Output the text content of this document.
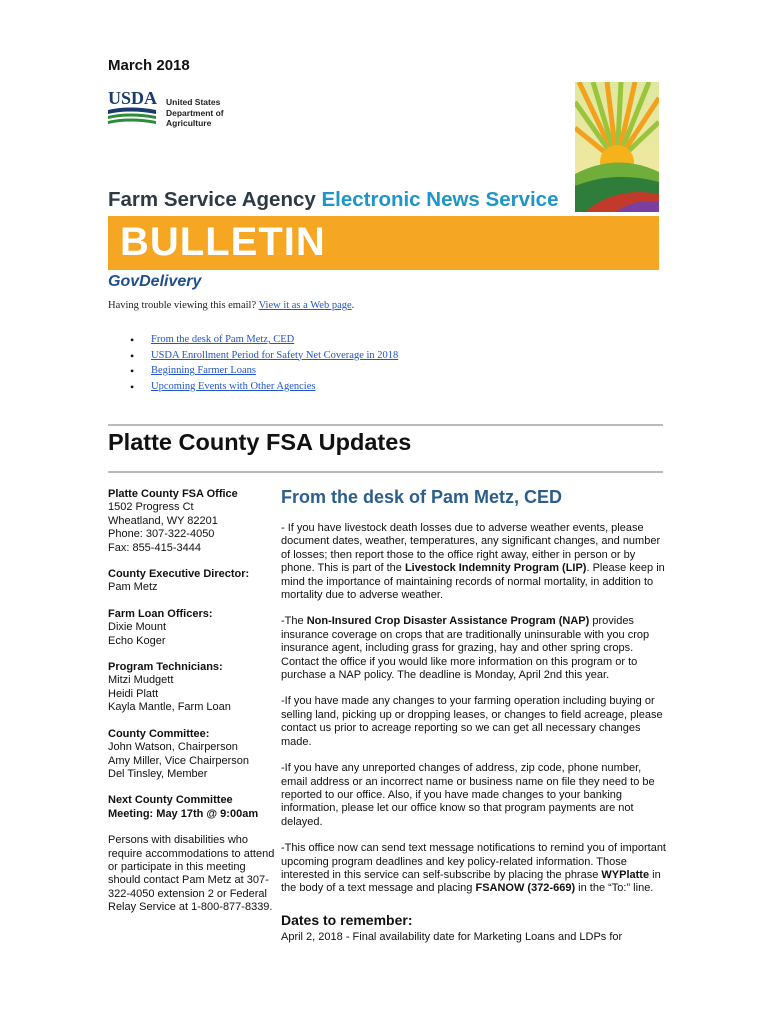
March 2018
USDA United States
Department of
Agriculture
Farm Service Agency Electronic News Service
BULLETIN
GovDelivery
Having trouble viewing this email? View it as a Web page.
• From the desk of Pam Metz, CED
• USDA Enrollment Period for Safety Net Coverage in 2018
• Beginning Farmer Loans
• Upcoming Events with Other Agencies
Platte County FSA Updates
Platte County FSA Office
1502 Progress Ct
Wheatland, WY 82201
Phone: 307-322-4050
Fax: 855-415-3444
County Executive Director:
Pam Metz
Farm Loan Officers:
Dixie Mount
Echo Koger
Program Technicians:
Mitzi Mudgett
Heidi Platt
Kayla Mantle, Farm Loan
County Committee:
John Watson, Chairperson
Amy Miller, Vice Chairperson
Del Tinsley, Member
Next County Committee Meeting: May 17th @ 9:00am
Persons with disabilities who require accommodations to attend or participate in this meeting should contact Pam Metz at 307-322-4050 extension 2 or Federal Relay Service at 1-800-877-8339.
From the desk of Pam Metz, CED

- If you have livestock death losses due to adverse weather events, please document dates, weather, temperatures, any significant changes, and number of losses; then report those to the office right away, either in person or by phone. This is part of the Livestock Indemnity Program (LIP). Please keep in mind the importance of maintaining records of normal mortality, in addition to mortality due to adverse weather.

-The Non-Insured Crop Disaster Assistance Program (NAP) provides insurance coverage on crops that are traditionally uninsurable with you crop insurance agent, including grass for grazing, hay and other spring crops. Contact the office if you would like more information on this program or to purchase a NAP policy. The deadline is Monday, April 2nd this year.

-If you have made any changes to your farming operation including buying or selling land, picking up or dropping leases, or changes to field acreage, please contact us prior to acreage reporting so we can get all necessary changes made.

-If you have any unreported changes of address, zip code, phone number, email address or an incorrect name or business name on file they need to be reported to our office. Also, if you have made changes to your banking information, please let our office know so that program payments are not delayed.

-This office now can send text message notifications to remind you of important upcoming program deadlines and key policy-related information. Those interested in this service can self-subscribe by placing the phrase WYPlatte in the body of a text message and placing FSANOW (372-669) in the “To:” line.

Dates to remember:
April 2, 2018 - Final availability date for Marketing Loans and LDPs for
